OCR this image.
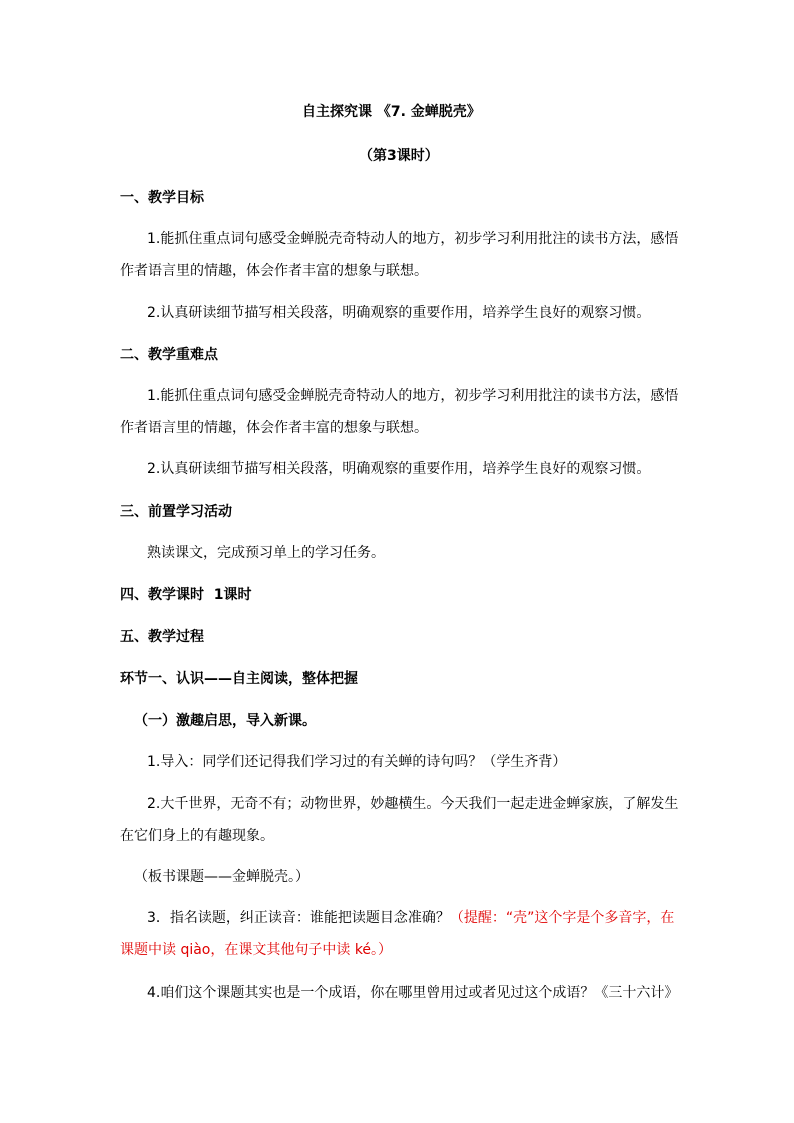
自主探究课 《7. 金蝉脱壳》
（第3课时）
一、教学目标
1.能抓住重点词句感受金蝉脱壳奇特动人的地方，初步学习利用批注的读书方法，感悟
作者语言里的情趣，体会作者丰富的想象与联想。
2.认真研读细节描写相关段落，明确观察的重要作用，培养学生良好的观察习惯。
二、教学重难点
1.能抓住重点词句感受金蝉脱壳奇特动人的地方，初步学习利用批注的读书方法，感悟
作者语言里的情趣，体会作者丰富的想象与联想。
2.认真研读细节描写相关段落，明确观察的重要作用，培养学生良好的观察习惯。
三、前置学习活动
熟读课文，完成预习单上的学习任务。
四、教学课时  1课时
五、教学过程
环节一、认识——自主阅读，整体把握
（一）激趣启思，导入新课。
1.导入：同学们还记得我们学习过的有关蝉的诗句吗？（学生齐背）
2.大千世界，无奇不有；动物世界，妙趣横生。今天我们一起走进金蝉家族，了解发生
在它们身上的有趣现象。
（板书课题——金蝉脱壳。）
3．指名读题，纠正读音：谁能把读题目念准确？（提醒：“壳”这个字是个多音字，在
课题中读 qiào，在课文其他句子中读 ké。）
4.咱们这个课题其实也是一个成语，你在哪里曾用过或者见过这个成语？《三十六计》
